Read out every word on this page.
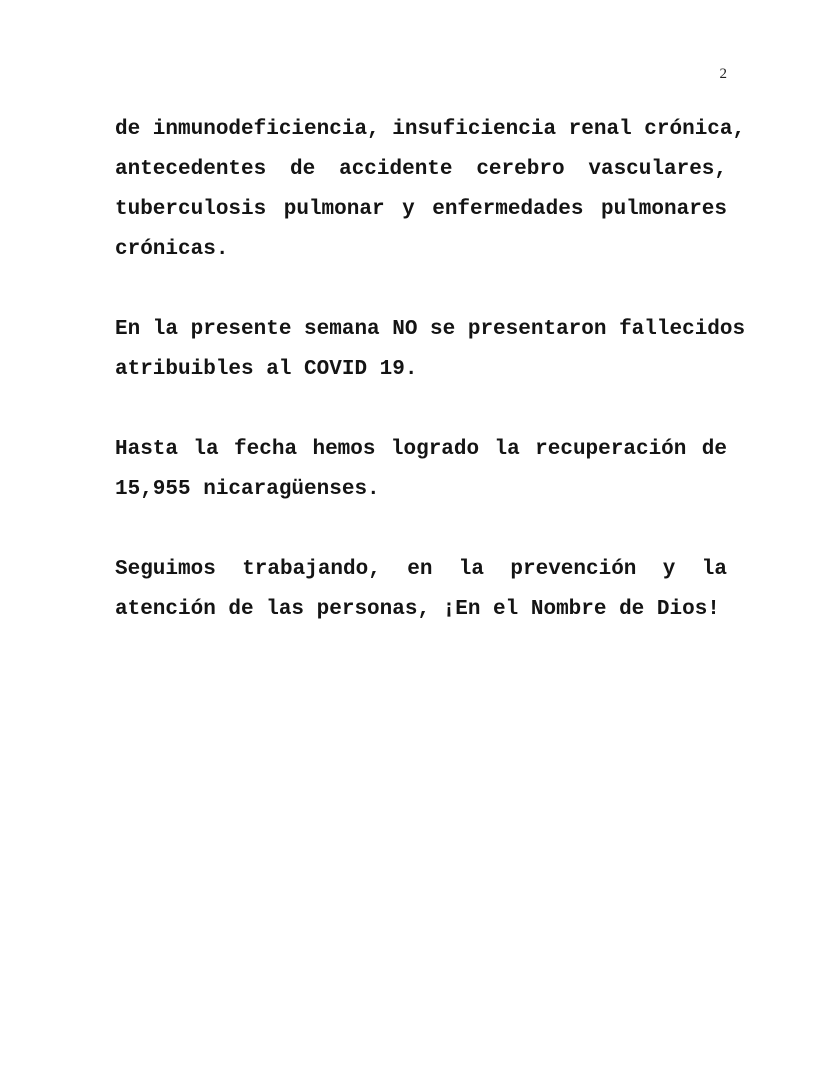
2
de inmunodeficiencia, insuficiencia renal crónica,
antecedentes de accidente cerebro vasculares,
tuberculosis pulmonar y enfermedades pulmonares
crónicas.
En la presente semana NO se presentaron fallecidos
atribuibles al COVID 19.
Hasta la fecha hemos logrado la recuperación de
15,955 nicaragüenses.
Seguimos trabajando, en la prevención y la
atención de las personas, ¡En el Nombre de Dios!
